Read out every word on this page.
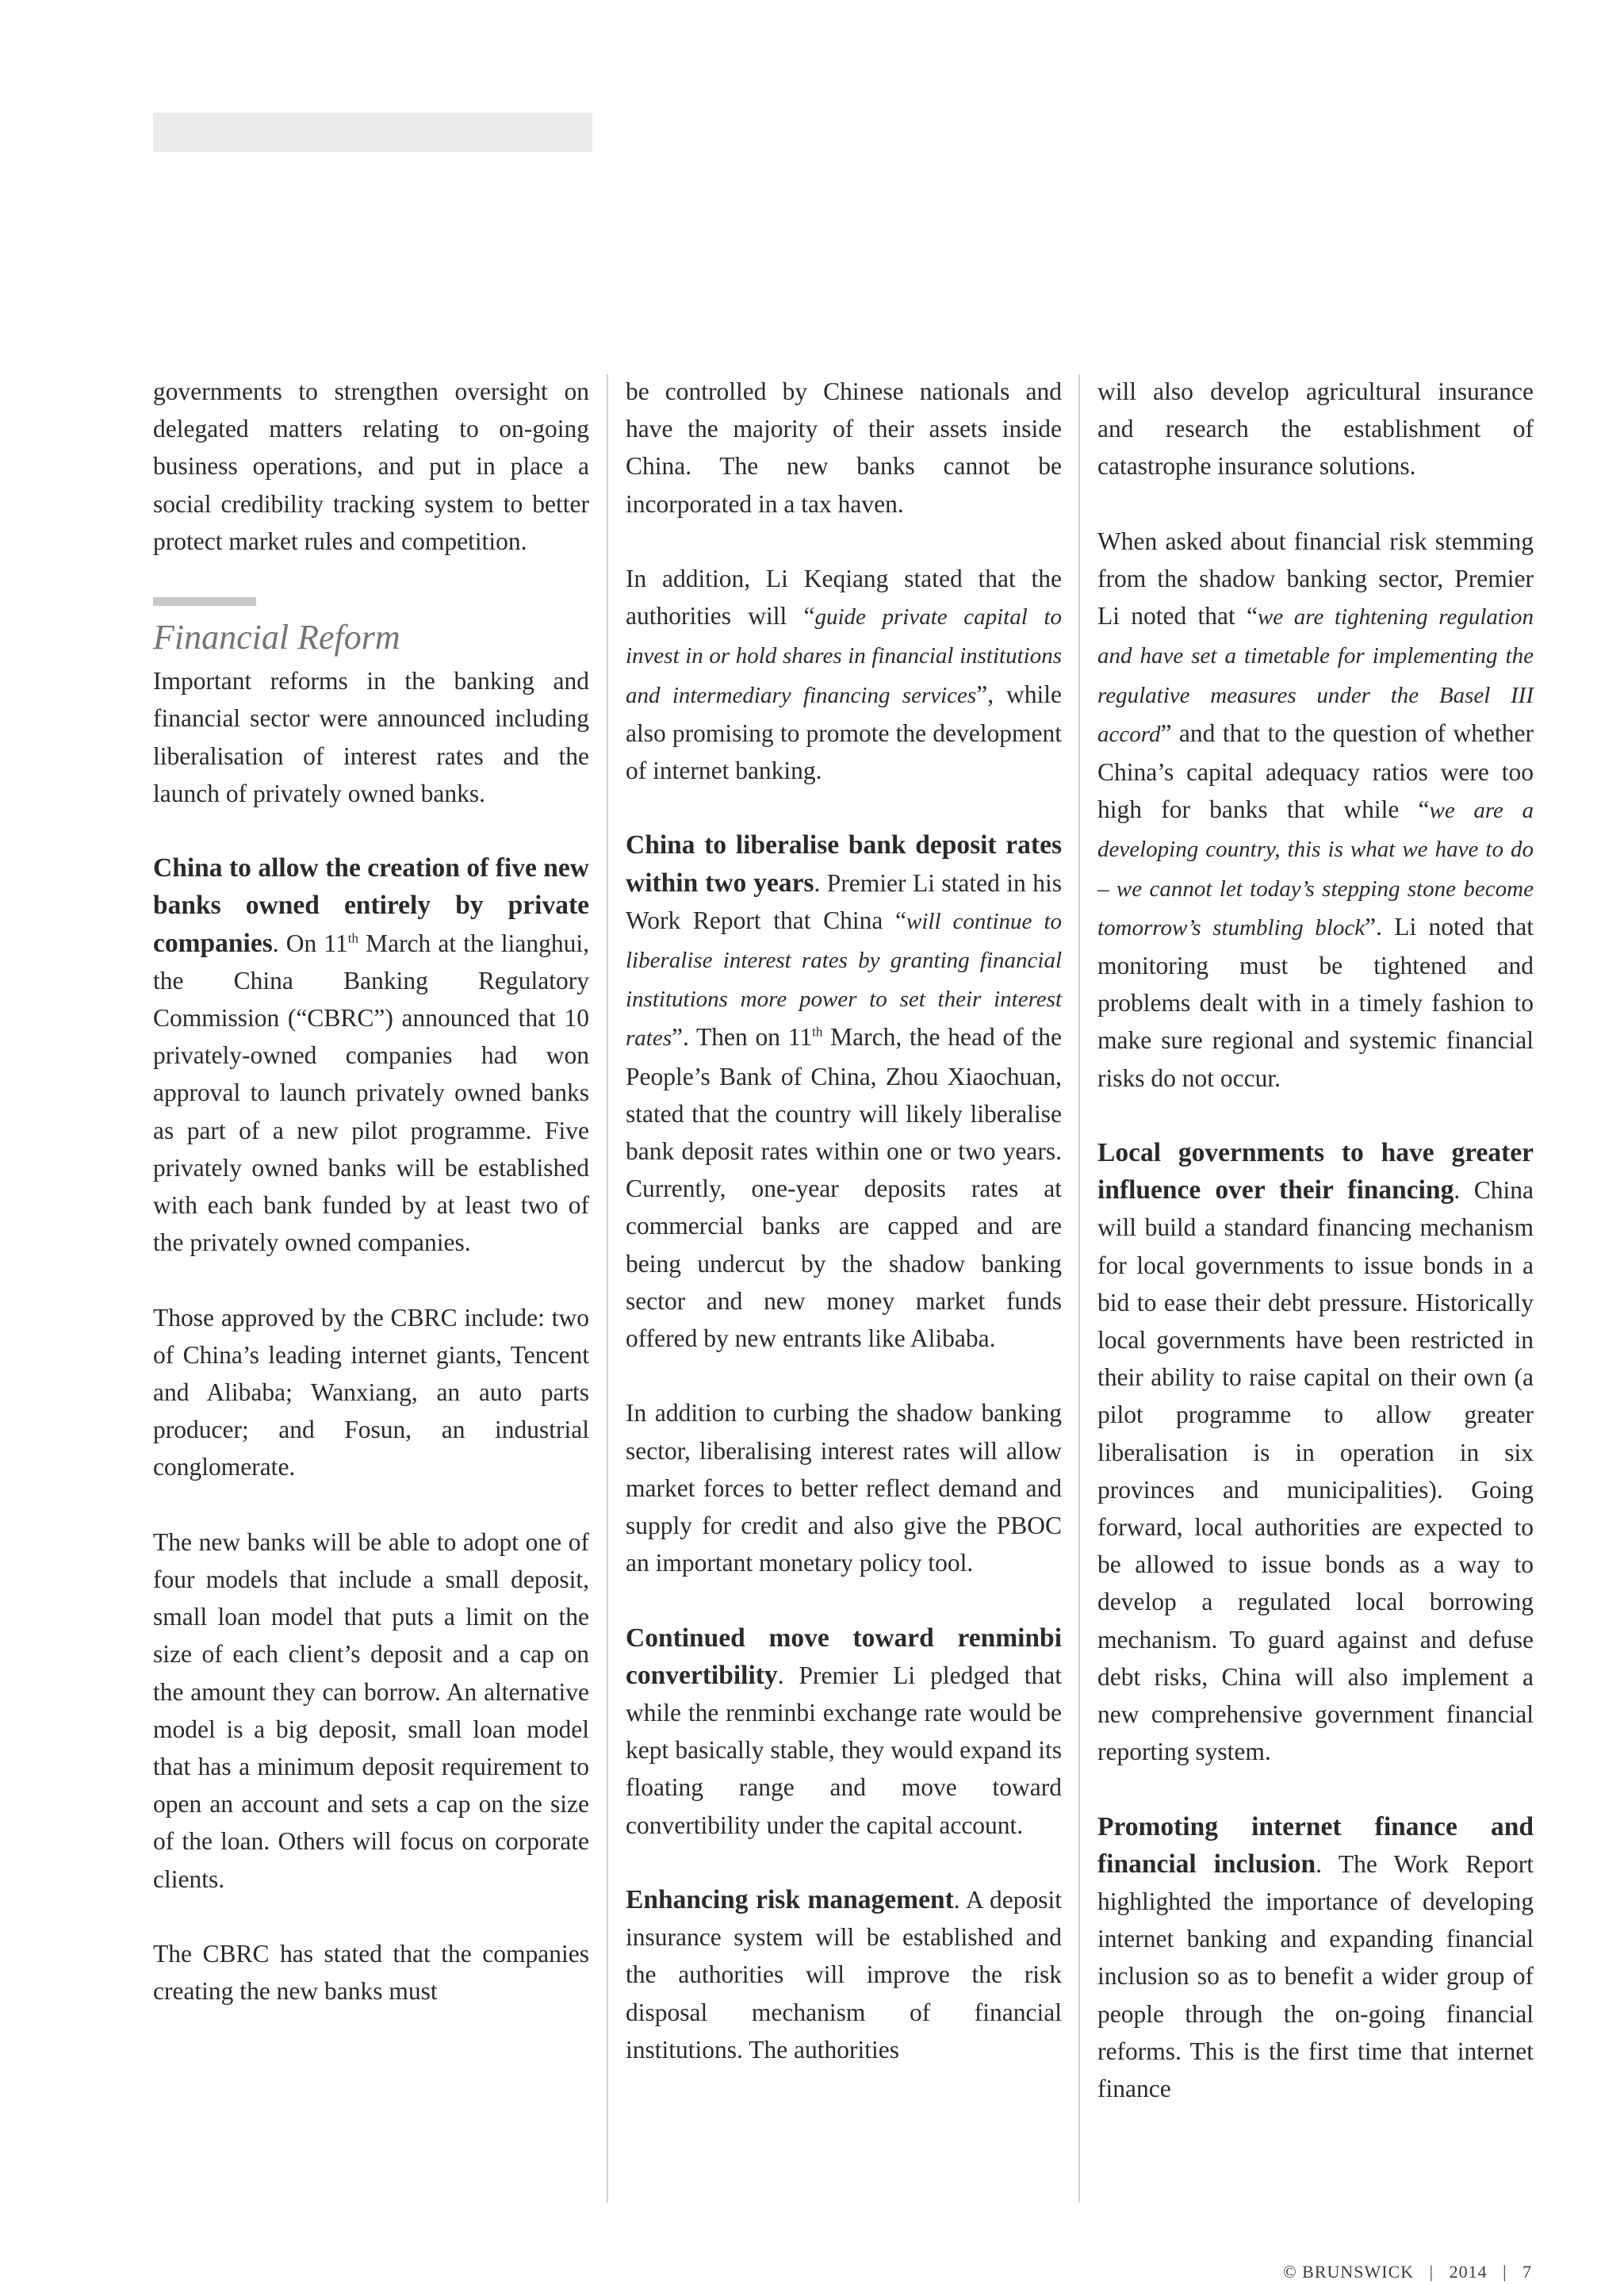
governments to strengthen oversight on delegated matters relating to on-going business operations, and put in place a social credibility tracking system to better protect market rules and competition.

Financial Reform

Important reforms in the banking and financial sector were announced including liberalisation of interest rates and the launch of privately owned banks.

China to allow the creation of five new banks owned entirely by private companies. On 11th March at the lianghui, the China Banking Regulatory Commission (“CBRC”) announced that 10 privately-owned companies had won approval to launch privately owned banks as part of a new pilot programme. Five privately owned banks will be established with each bank funded by at least two of the privately owned companies.

Those approved by the CBRC include: two of China’s leading internet giants, Tencent and Alibaba; Wanxiang, an auto parts producer; and Fosun, an industrial conglomerate.

The new banks will be able to adopt one of four models that include a small deposit, small loan model that puts a limit on the size of each client’s deposit and a cap on the amount they can borrow. An alternative model is a big deposit, small loan model that has a minimum deposit requirement to open an account and sets a cap on the size of the loan. Others will focus on corporate clients.

The CBRC has stated that the companies creating the new banks must

be controlled by Chinese nationals and have the majority of their assets inside China. The new banks cannot be incorporated in a tax haven.

In addition, Li Keqiang stated that the authorities will “guide private capital to invest in or hold shares in financial institutions and intermediary financing services”, while also promising to promote the development of internet banking.

China to liberalise bank deposit rates within two years. Premier Li stated in his Work Report that China “will continue to liberalise interest rates by granting financial institutions more power to set their interest rates”. Then on 11th March, the head of the People’s Bank of China, Zhou Xiaochuan, stated that the country will likely liberalise bank deposit rates within one or two years. Currently, one-year deposits rates at commercial banks are capped and are being undercut by the shadow banking sector and new money market funds offered by new entrants like Alibaba.

In addition to curbing the shadow banking sector, liberalising interest rates will allow market forces to better reflect demand and supply for credit and also give the PBOC an important monetary policy tool.

Continued move toward renminbi convertibility. Premier Li pledged that while the renminbi exchange rate would be kept basically stable, they would expand its floating range and move toward convertibility under the capital account.

Enhancing risk management. A deposit insurance system will be established and the authorities will improve the risk disposal mechanism of financial institutions. The authorities

will also develop agricultural insurance and research the establishment of catastrophe insurance solutions.

When asked about financial risk stemming from the shadow banking sector, Premier Li noted that “we are tightening regulation and have set a timetable for implementing the regulative measures under the Basel III accord” and that to the question of whether China’s capital adequacy ratios were too high for banks that while “we are a developing country, this is what we have to do – we cannot let today’s stepping stone become tomorrow’s stumbling block”. Li noted that monitoring must be tightened and problems dealt with in a timely fashion to make sure regional and systemic financial risks do not occur.

Local governments to have greater influence over their financing. China will build a standard financing mechanism for local governments to issue bonds in a bid to ease their debt pressure. Historically local governments have been restricted in their ability to raise capital on their own (a pilot programme to allow greater liberalisation is in operation in six provinces and municipalities). Going forward, local authorities are expected to be allowed to issue bonds as a way to develop a regulated local borrowing mechanism. To guard against and defuse debt risks, China will also implement a new comprehensive government financial reporting system.

Promoting internet finance and financial inclusion. The Work Report highlighted the importance of developing internet banking and expanding financial inclusion so as to benefit a wider group of people through the on-going financial reforms. This is the first time that internet finance

© BRUNSWICK   |   2014   |   7
